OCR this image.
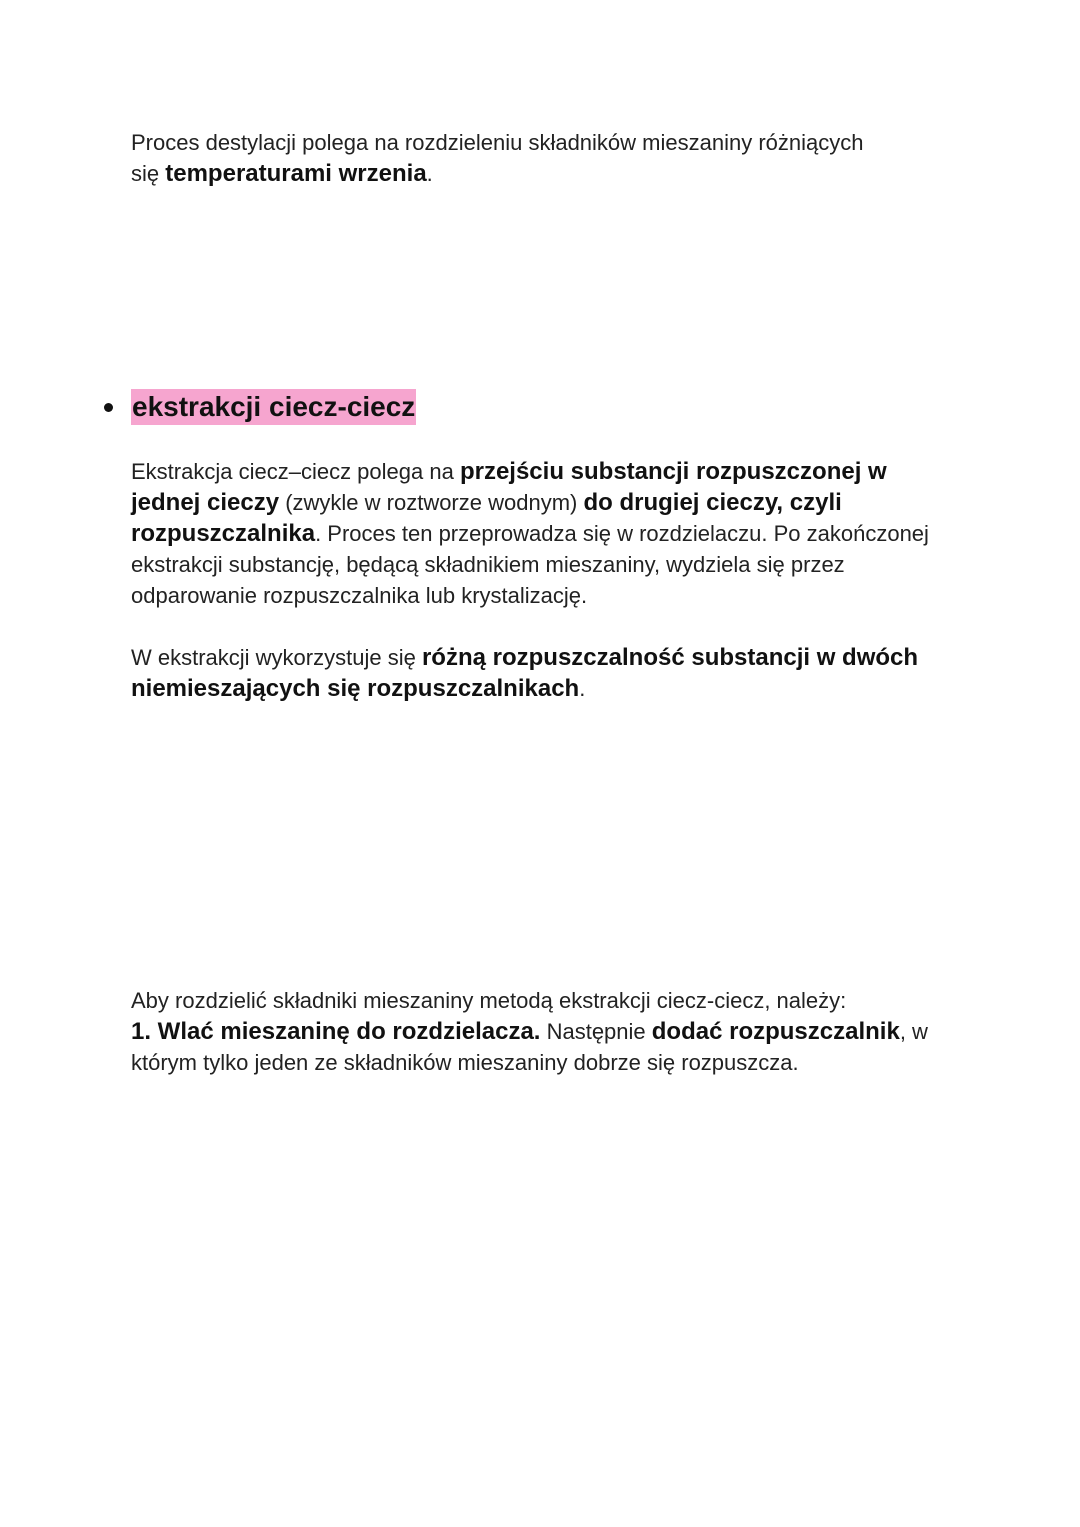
Proces destylacji polega na rozdzieleniu składników mieszaniny różniących
się temperaturami wrzenia.
ekstrakcji ciecz-ciecz
Ekstrakcja ciecz–ciecz polega na przejściu substancji rozpuszczonej w jednej cieczy (zwykle w roztworze wodnym) do drugiej cieczy, czyli rozpuszczalnika. Proces ten przeprowadza się w rozdzielaczu. Po zakończonej ekstrakcji substancję, będącą składnikiem mieszaniny, wydziela się przez odparowanie rozpuszczalnika lub krystalizację.
W ekstrakcji wykorzystuje się różną rozpuszczalność substancji w dwóch niemieszających się rozpuszczalnikach.
Aby rozdzielić składniki mieszaniny metodą ekstrakcji ciecz-ciecz, należy:
1. Wlać mieszaninę do rozdzielacza. Następnie dodać rozpuszczalnik, w którym tylko jeden ze składników mieszaniny dobrze się rozpuszcza.
